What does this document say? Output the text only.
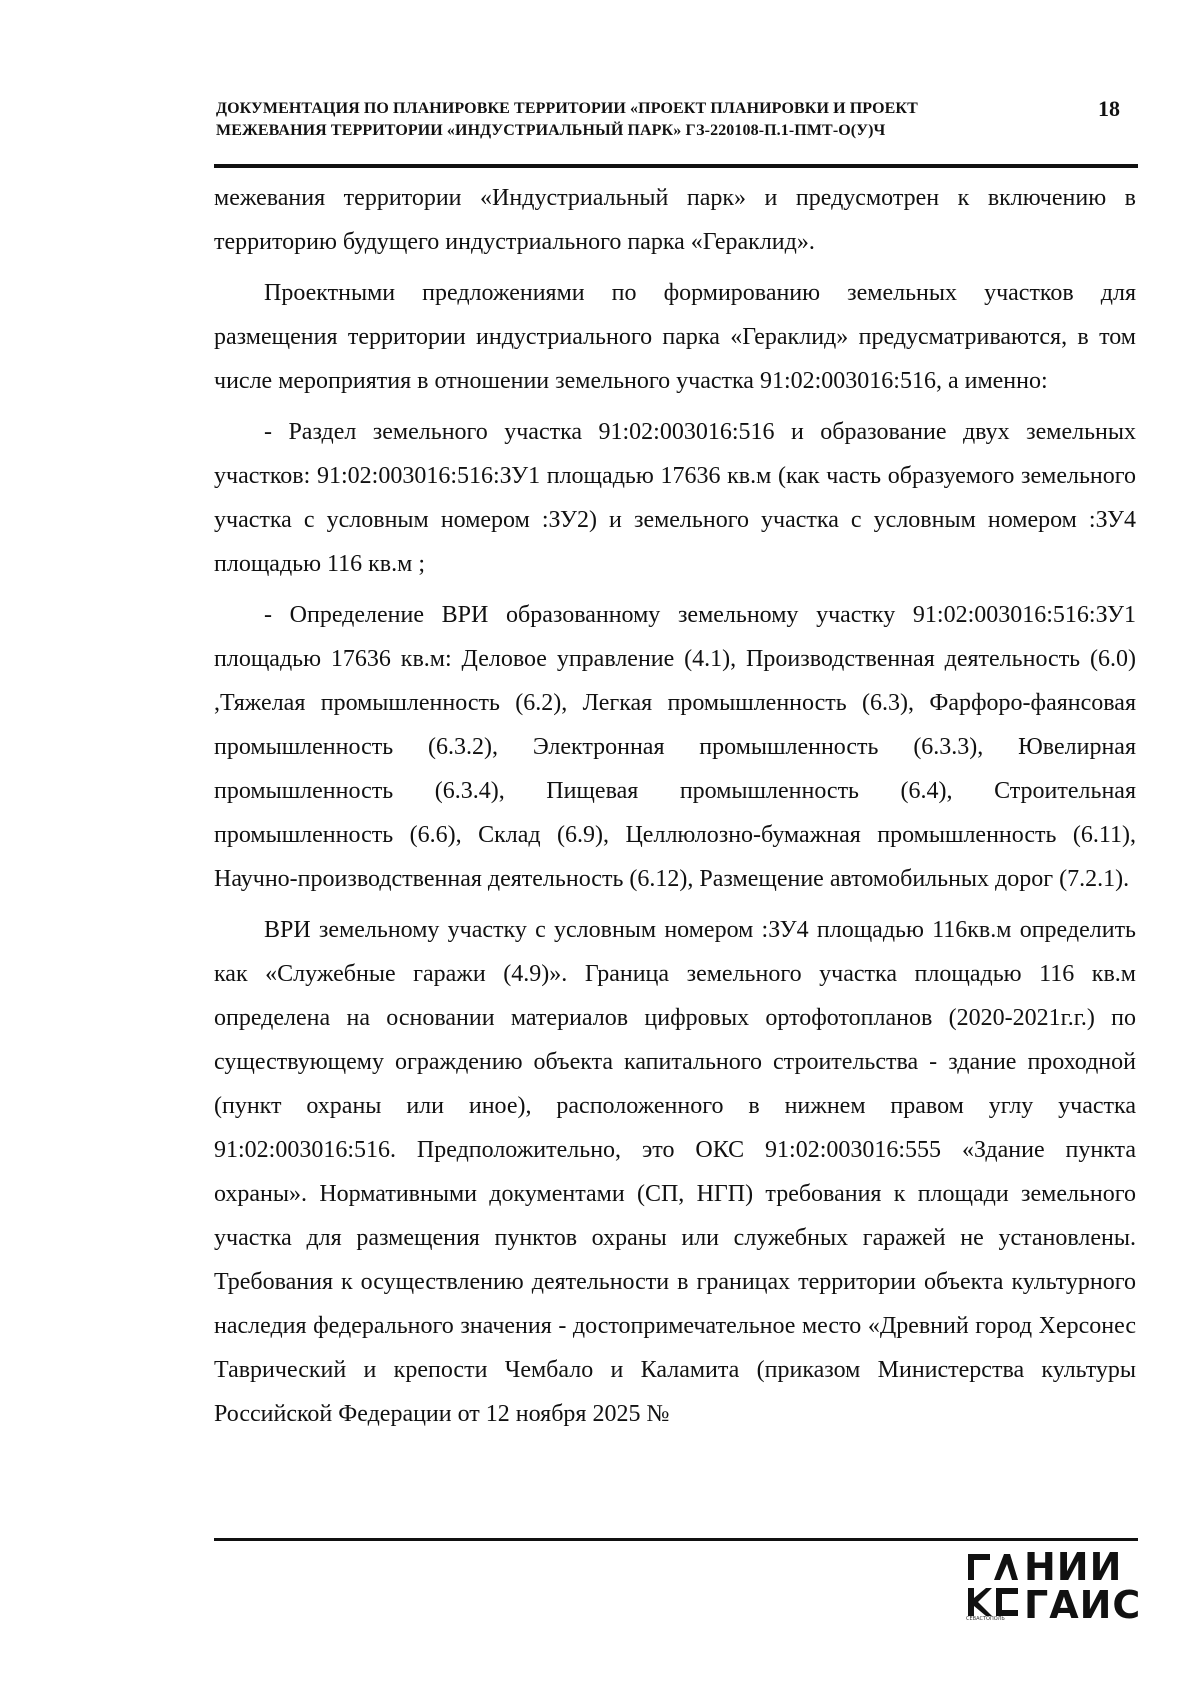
ДОКУМЕНТАЦИЯ ПО ПЛАНИРОВКЕ ТЕРРИТОРИИ «ПРОЕКТ ПЛАНИРОВКИ И ПРОЕКТ
МЕЖЕВАНИЯ ТЕРРИТОРИИ «ИНДУСТРИАЛЬНЫЙ ПАРК» ГЗ-220108-П.1-ПМТ-О(У)Ч
18

межевания территории «Индустриальный парк» и предусмотрен к включению в территорию будущего индустриального парка «Гераклид».

Проектными предложениями по формированию земельных участков для размещения территории индустриального парка «Гераклид» предусматриваются, в том числе мероприятия в отношении земельного участка 91:02:003016:516, а именно:

- Раздел земельного участка 91:02:003016:516 и образование двух земельных участков: 91:02:003016:516:ЗУ1 площадью 17636 кв.м (как часть образуемого земельного участка с условным номером :ЗУ2) и земельного участка с условным номером :ЗУ4 площадью 116 кв.м ;

- Определение ВРИ образованному земельному участку 91:02:003016:516:ЗУ1 площадью 17636 кв.м: Деловое управление (4.1), Производственная деятельность (6.0) ,Тяжелая промышленность (6.2), Легкая промышленность (6.3), Фарфоро-фаянсовая промышленность (6.3.2), Электронная промышленность (6.3.3), Ювелирная промышленность (6.3.4), Пищевая промышленность (6.4), Строительная промышленность (6.6), Склад (6.9), Целлюлозно-бумажная промышленность (6.11), Научно-производственная деятельность (6.12), Размещение автомобильных дорог (7.2.1).

ВРИ земельному участку с условным номером :ЗУ4 площадью 116кв.м определить как «Служебные гаражи (4.9)». Граница земельного участка площадью 116 кв.м определена на основании материалов цифровых ортофотопланов (2020-2021г.г.) по существующему ограждению объекта капитального строительства - здание проходной (пункт охраны или иное), расположенного в нижнем правом углу участка 91:02:003016:516. Предположительно, это ОКС 91:02:003016:555 «Здание пункта охраны». Нормативными документами (СП, НГП) требования к площади земельного участка для размещения пунктов охраны или служебных гаражей не установлены. Требования к осуществлению деятельности в границах территории объекта культурного наследия федерального значения - достопримечательное место «Древний город Херсонес Таврический и крепости Чембало и Каламита (приказом Министерства культуры Российской Федерации от 12 ноября 2025 №

НИИ
ГАИС
СЕВАСТОПОЛЬ
